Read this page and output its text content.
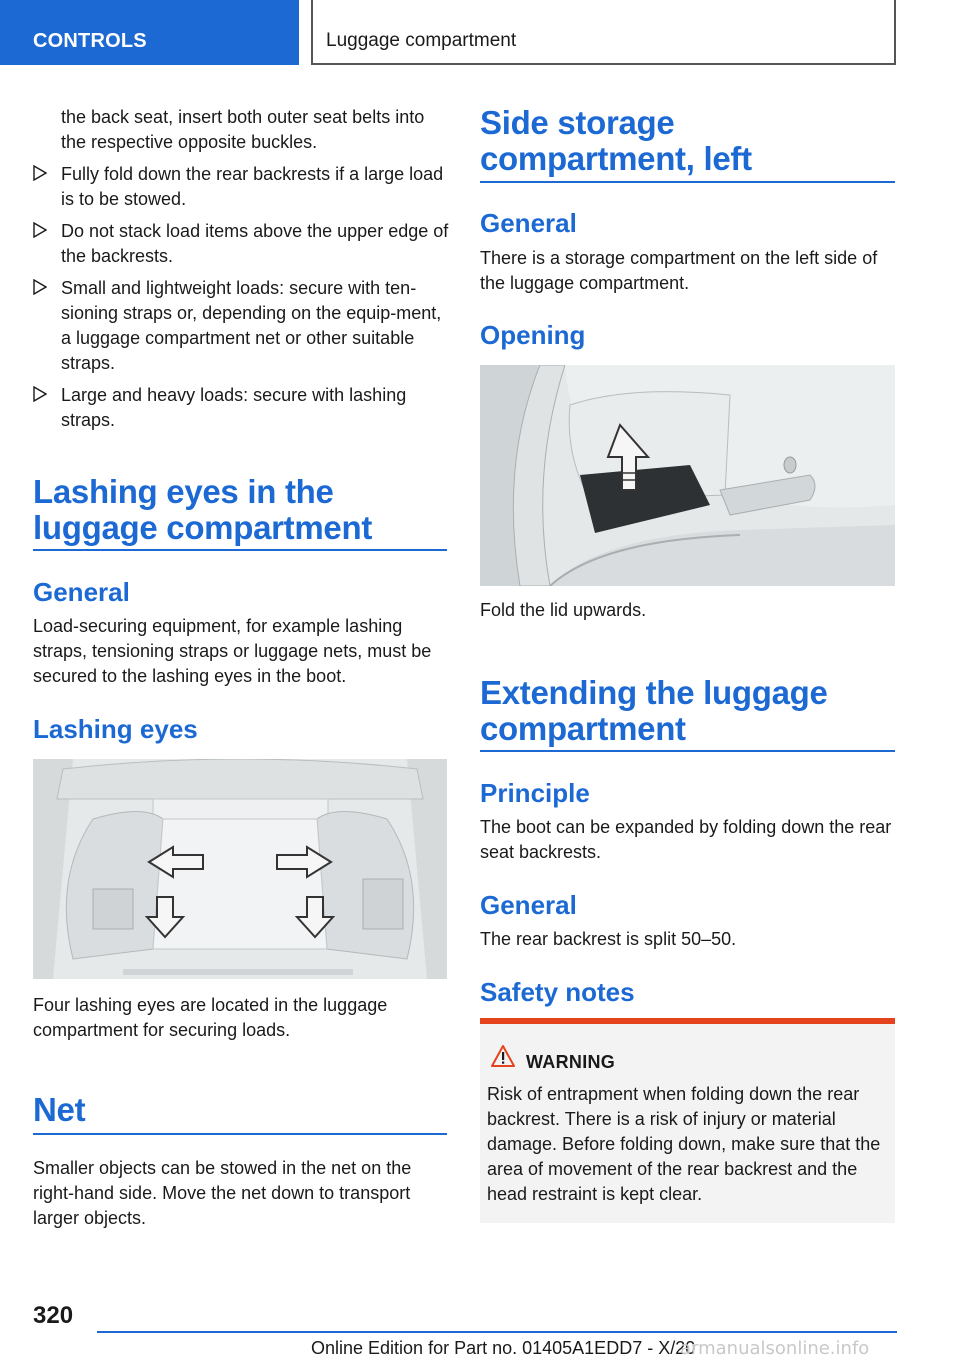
CONTROLS	Luggage compartment
the back seat, insert both outer seat belts into the respective opposite buckles.
Fully fold down the rear backrests if a large load is to be stowed.
Do not stack load items above the upper edge of the backrests.
Small and lightweight loads: secure with ten-sioning straps or, depending on the equip-ment, a luggage compartment net or other suitable straps.
Large and heavy loads: secure with lashing straps.
Lashing eyes in the luggage compartment
General
Load-securing equipment, for example lashing straps, tensioning straps or luggage nets, must be secured to the lashing eyes in the boot.
Lashing eyes
Four lashing eyes are located in the luggage compartment for securing loads.
Net
Smaller objects can be stowed in the net on the right-hand side. Move the net down to transport larger objects.
Side storage compartment, left
General
There is a storage compartment on the left side of the luggage compartment.
Opening
Fold the lid upwards.
Extending the luggage compartment
Principle
The boot can be expanded by folding down the rear seat backrests.
General
The rear backrest is split 50–50.
Safety notes
WARNING
Risk of entrapment when folding down the rear backrest. There is a risk of injury or material damage. Before folding down, make sure that the area of movement of the rear backrest and the head restraint is kept clear.
320
Online Edition for Part no. 01405A1EDD7 - X/20
armanualsonline.info
